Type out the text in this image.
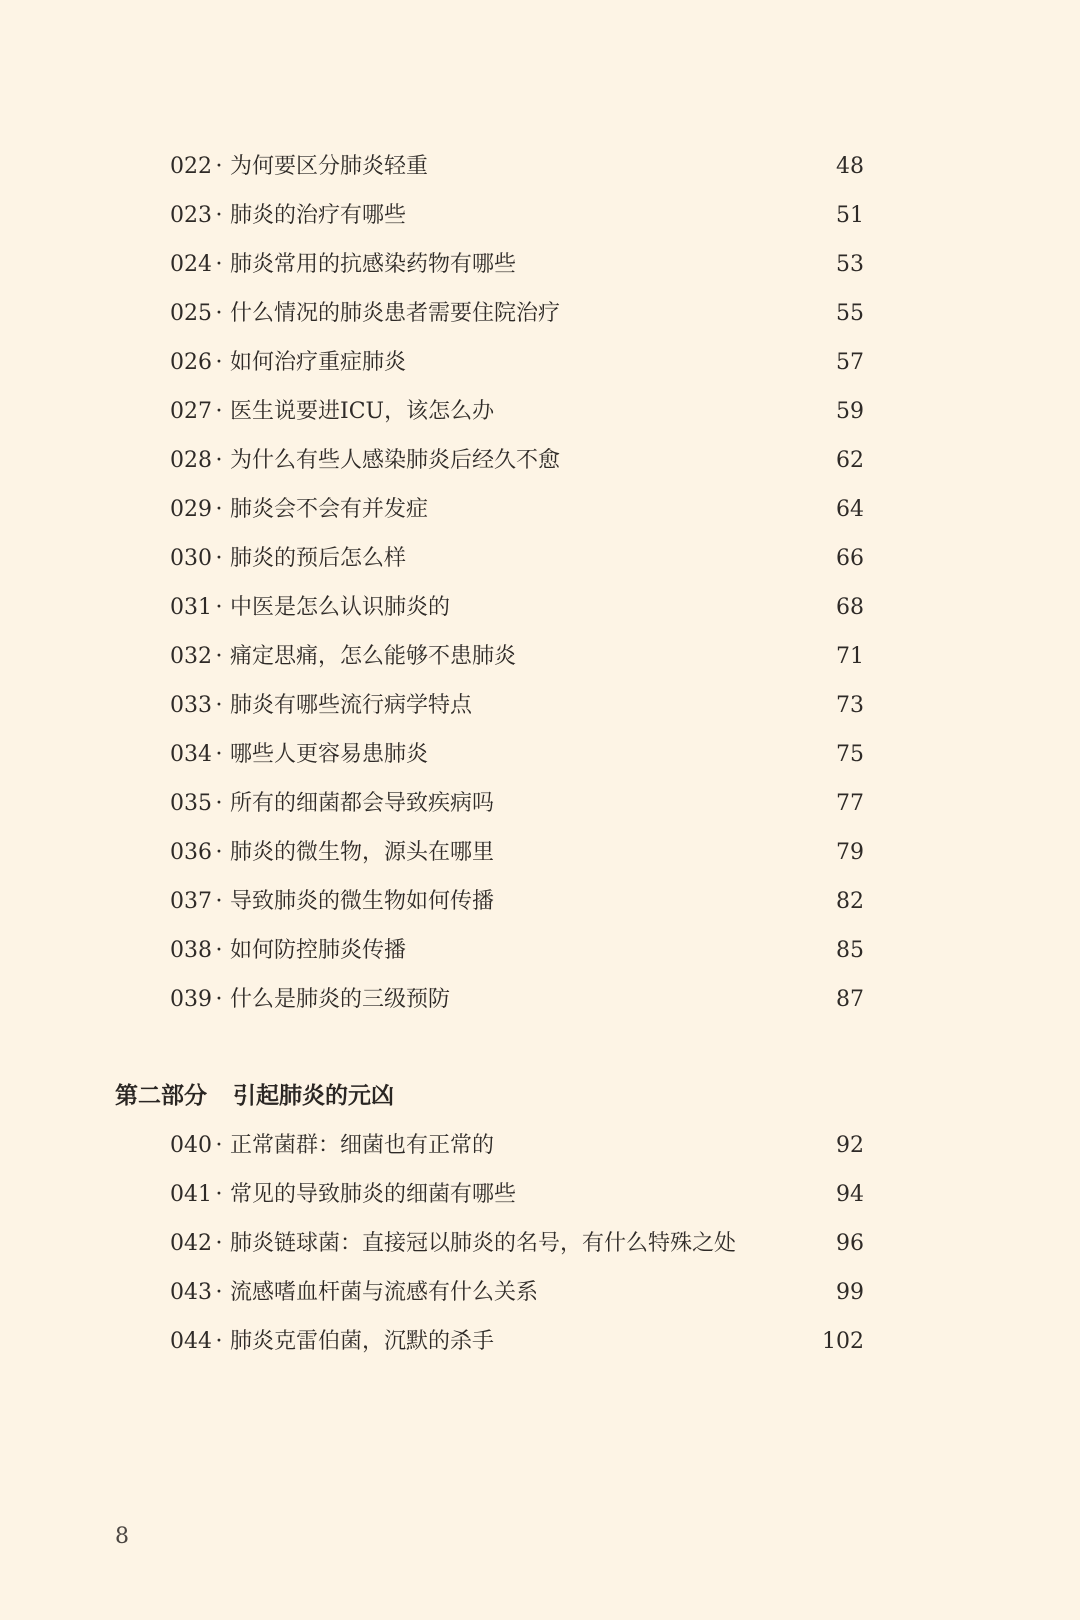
022 · 为何要区分肺炎轻重	48
023 · 肺炎的治疗有哪些	51
024 · 肺炎常用的抗感染药物有哪些	53
025 · 什么情况的肺炎患者需要住院治疗	55
026 · 如何治疗重症肺炎	57
027 · 医生说要进ICU，该怎么办	59
028 · 为什么有些人感染肺炎后经久不愈	62
029 · 肺炎会不会有并发症	64
030 · 肺炎的预后怎么样	66
031 · 中医是怎么认识肺炎的	68
032 · 痛定思痛，怎么能够不患肺炎	71
033 · 肺炎有哪些流行病学特点	73
034 · 哪些人更容易患肺炎	75
035 · 所有的细菌都会导致疾病吗	77
036 · 肺炎的微生物，源头在哪里	79
037 · 导致肺炎的微生物如何传播	82
038 · 如何防控肺炎传播	85
039 · 什么是肺炎的三级预防	87
第二部分 引起肺炎的元凶
040 · 正常菌群：细菌也有正常的	92
041 · 常见的导致肺炎的细菌有哪些	94
042 · 肺炎链球菌：直接冠以肺炎的名号，有什么特殊之处	96
043 · 流感嗜血杆菌与流感有什么关系	99
044 · 肺炎克雷伯菌，沉默的杀手	102
8
